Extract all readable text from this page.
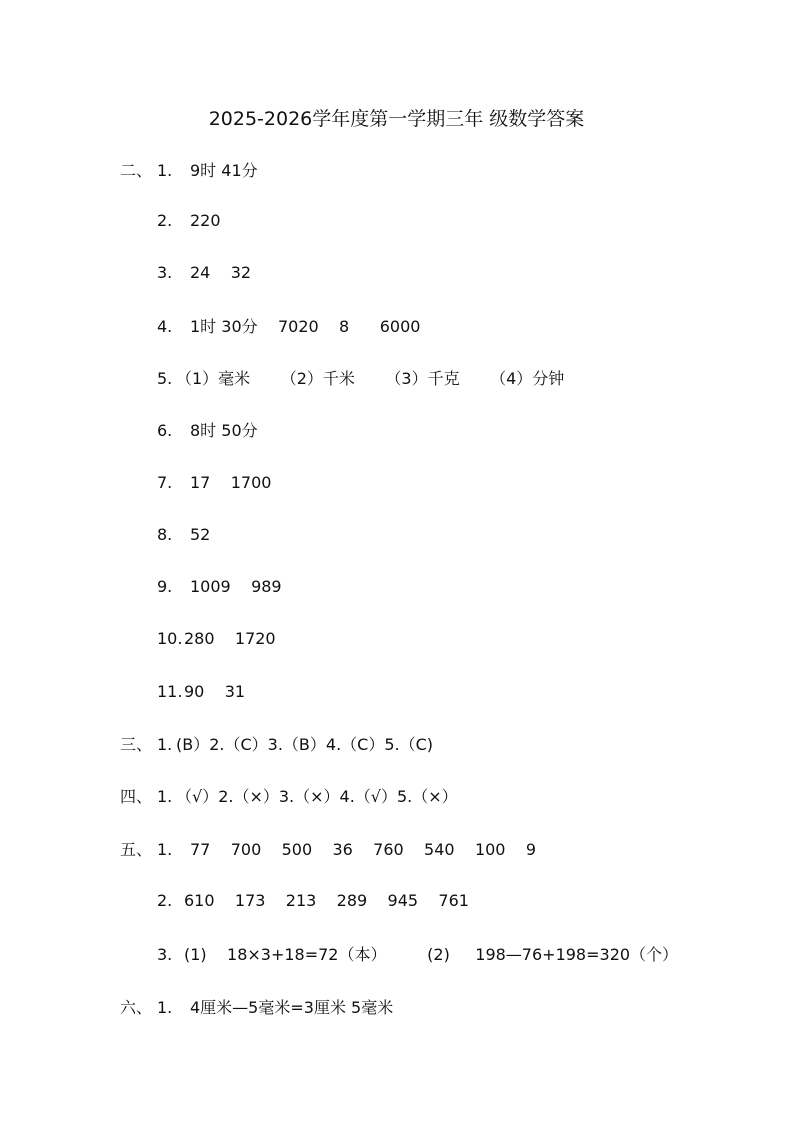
2025-2026学年度第一学期三年 级数学答案
二、 1. 9时 41分
2. 220
3. 24    32
4. 1时 30分    7020    8      6000
5. （1）毫米      （2）千米      （3）千克      （4）分钟
6. 8时 50分
7. 17    1700
8. 52
9. 1009    989
10. 280    1720
11. 90    31
三、 1. (B）2.（C）3.（B）4.（C）5.（C)
四、 1. （√）2.（×）3.（×）4.（√）5.（×）
五、 1. 77    700    500    36    760    540    100    9
2. 610    173    213    289    945    761
3. (1)    18×3+18=72（本）        (2)     198—76+198=320（个）
六、 1. 4厘米—5毫米=3厘米 5毫米
